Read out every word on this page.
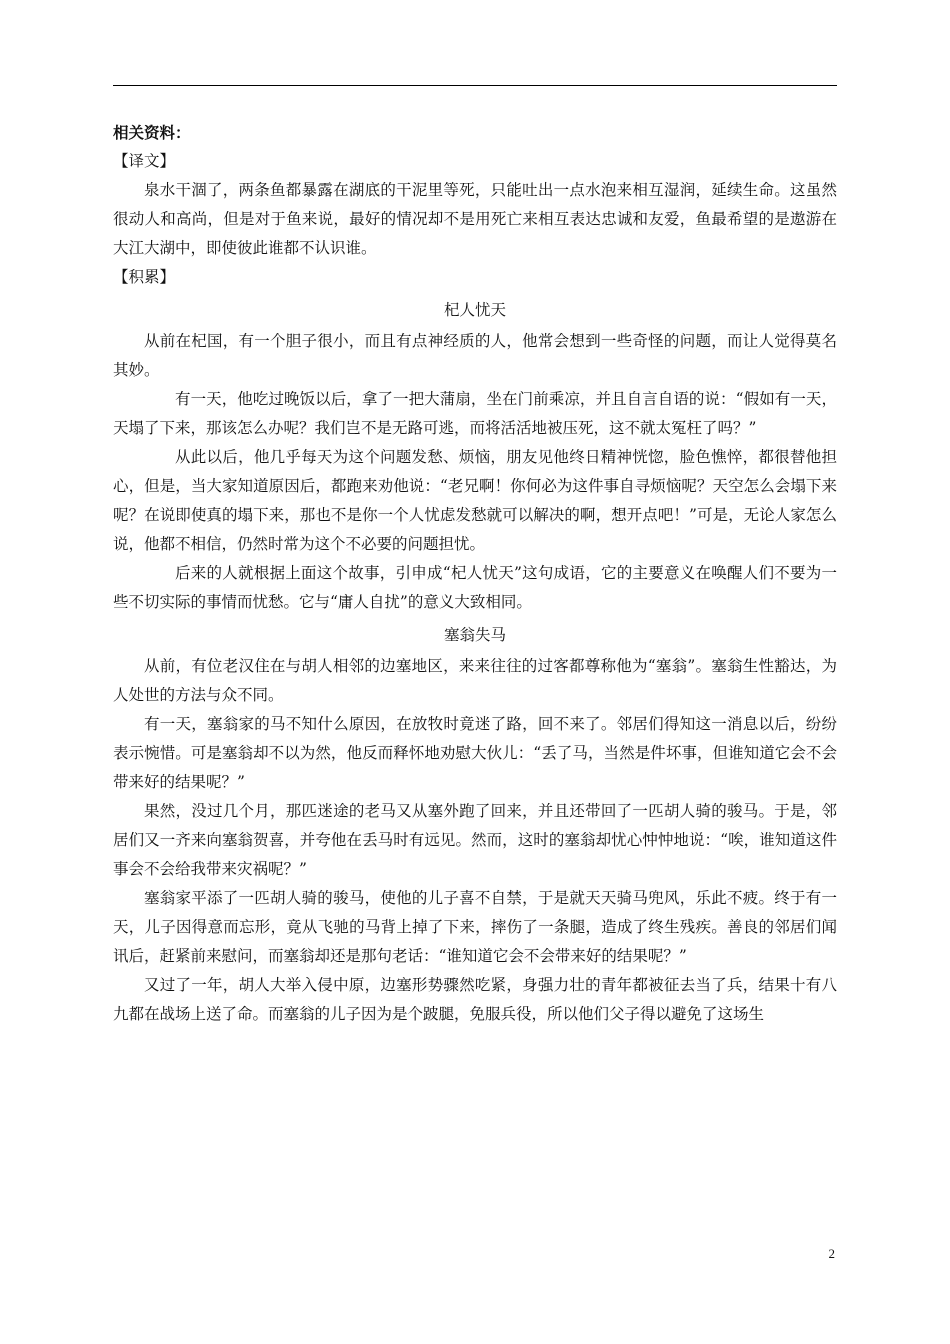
相关资料：

【译文】

泉水干涸了，两条鱼都暴露在湖底的干泥里等死，只能吐出一点水泡来相互湿润，延续生命。这虽然很动人和高尚，但是对于鱼来说，最好的情况却不是用死亡来相互表达忠诚和友爱，鱼最希望的是遨游在大江大湖中，即使彼此谁都不认识谁。

【积累】

杞人忧天

从前在杞国，有一个胆子很小，而且有点神经质的人，他常会想到一些奇怪的问题，而让人觉得莫名其妙。

有一天，他吃过晚饭以后，拿了一把大蒲扇，坐在门前乘凉，并且自言自语的说：“假如有一天，天塌了下来，那该怎么办呢？我们岂不是无路可逃，而将活活地被压死，这不就太冤枉了吗？”

从此以后，他几乎每天为这个问题发愁、烦恼，朋友见他终日精神恍惚，脸色憔悴，都很替他担心，但是，当大家知道原因后，都跑来劝他说：“老兄啊！你何必为这件事自寻烦恼呢？天空怎么会塌下来呢？在说即使真的塌下来，那也不是你一个人忧虑发愁就可以解决的啊，想开点吧！”可是，无论人家怎么说，他都不相信，仍然时常为这个不必要的问题担忧。

后来的人就根据上面这个故事，引申成“杞人忧天”这句成语，它的主要意义在唤醒人们不要为一些不切实际的事情而忧愁。它与“庸人自扰”的意义大致相同。

塞翁失马

从前，有位老汉住在与胡人相邻的边塞地区，来来往往的过客都尊称他为“塞翁”。塞翁生性豁达，为人处世的方法与众不同。

有一天，塞翁家的马不知什么原因，在放牧时竟迷了路，回不来了。邻居们得知这一消息以后，纷纷表示惋惜。可是塞翁却不以为然，他反而释怀地劝慰大伙儿：“丢了马，当然是件坏事，但谁知道它会不会带来好的结果呢？”

果然，没过几个月，那匹迷途的老马又从塞外跑了回来，并且还带回了一匹胡人骑的骏马。于是，邻居们又一齐来向塞翁贺喜，并夸他在丢马时有远见。然而，这时的塞翁却忧心忡忡地说：“唉，谁知道这件事会不会给我带来灾祸呢？”

塞翁家平添了一匹胡人骑的骏马，使他的儿子喜不自禁，于是就天天骑马兜风，乐此不疲。终于有一天，儿子因得意而忘形，竟从飞驰的马背上掉了下来，摔伤了一条腿，造成了终生残疾。善良的邻居们闻讯后，赶紧前来慰问，而塞翁却还是那句老话：“谁知道它会不会带来好的结果呢？”

又过了一年，胡人大举入侵中原，边塞形势骤然吃紧，身强力壮的青年都被征去当了兵，结果十有八九都在战场上送了命。而塞翁的儿子因为是个跛腿，免服兵役，所以他们父子得以避免了这场生

2
